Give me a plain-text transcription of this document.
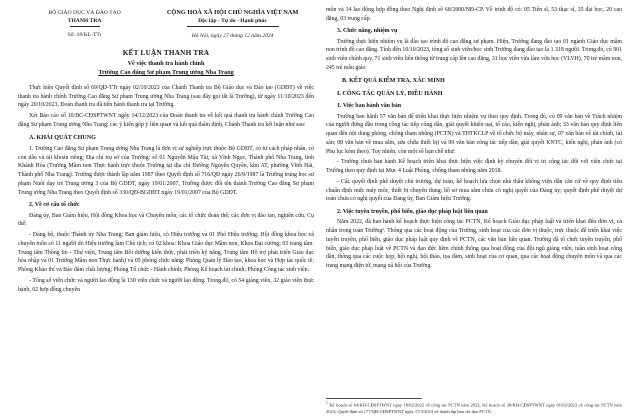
BỘ GIÁO DỤC VÀ ĐÀO TẠO
THANH TRA
Số: 08/KL-TTr
CỘNG HOÀ XÃ HỘI CHỦ NGHĨA VIỆT NAM
Độc lập - Tự do - Hạnh phúc
Hà Nội, ngày 27 tháng 12 năm 2024
KẾT LUẬN THANH TRA
Về việc thanh tra hành chính
Trường Cao đẳng Sư phạm Trung ương Nha Trang

Thực hiện Quyết định số 69/QĐ-TTr ngày 02/10/2023 của Chánh Thanh tra Bộ Giáo dục và Đào tạo (GDĐT) về việc thanh tra hành chính Trường Cao đẳng Sư phạm Trung ương Nha Trang (sau đây gọi tắt là Trường), từ ngày 11/10/2023 đến ngày 20/10/2023, Đoàn thanh tra đã tiến hành thanh tra tại Trường.

Xét Báo cáo số 10/BC-CĐSPTWNT ngày 14/12/2023 của Đoàn thanh tra về kết quả thanh tra hành chính Trường Cao đẳng Sư phạm Trung ương Nha Trang; các ý kiến góp ý liên quan và kết quả thẩm định, Chánh Thanh tra kết luận như sau:

A. KHÁI QUÁT CHUNG

1. Trường Cao đẳng Sư phạm Trung ương Nha Trang là đơn vị sự nghiệp trực thuộc Bộ GDĐT, có tư cách pháp nhân, có con dấu và tài khoản riêng; Địa chỉ trụ sở của Trường: số 01 Nguyễn Mậu Tài, xã Vĩnh Ngọc, Thành phố Nha Trang, tỉnh Khánh Hòa (Trường Mầm non Thực hành trực thuộc Trường tại địa chỉ Đường Nguyễn Quyền, khu AT, phường Vĩnh Hải, Thành phố Nha Trang). Trường được thành lập năm 1987 theo Quyết định số 716/QĐ ngày 26/9/1987 là Trường trung học sư phạm Nuôi dạy trẻ Trung ương 3 của Bộ GDĐT, ngày 19/01/2007, Trường được đổi tên thành Trường Cao đẳng Sư phạm Trung ương Nha Trang theo Quyết định số 330/QĐ-BGDĐT ngày 19/01/2007 của Bộ GDĐT.

2. Về cơ cấu tổ chức

Đảng ủy, Ban Giám hiệu, Hội đồng Khoa học và Chuyên môn, các tổ chức đoàn thể; các đơn vị đào tạo, nghiên cứu. Cụ thể:

- Đảng bộ, thuộc Thành ủy Nha Trang; Ban giám hiệu, có Hiệu trưởng và 01 Phó Hiệu trưởng; Hội đồng khoa học và chuyên môn có 11 người do Hiệu trưởng làm Chủ tịch; có 02 khoa: Khoa Giáo dục Mầm non, Khoa Đại cương; 03 trung tâm: Trung tâm Thông tin - Thư viện, Trung tâm Bồi dưỡng kiến thức, phát triển kỹ năng, Trung tâm Hỗ trợ phát triển Giáo dục hòa nhập và 01 Trường Mầm non Thực hành) và 05 phòng chức năng: Phòng Quản lý Đào tạo, khoa học và Hợp tác quốc tế; Phòng Khảo thí và Bảo đảm chất lượng; Phòng Tổ chức - Hành chính; Phòng Kế hoạch tài chính; Phòng Công tác sinh viên.

- Tổng số viên chức và người lao động là 130 viên chức và người lao động. Trong đó, có 54 giảng viên, 32 giáo viên thực hành, 02 hợp đồng chuyên

môn và 14 lao động hợp đồng theo Nghị định số 68/2000/NĐ-CP. Về trình độ có: 05 Tiến sĩ, 53 thạc sĩ, 35 đại học, 20 cao đẳng, 03 trung cấp.

3. Chức năng, nhiệm vụ

Trường thực hiện nhiệm vụ là đào tạo trình độ cao đẳng sư phạm. Hiện, Trường đang đào tạo 01 ngành Giáo dục mầm non trình độ cao đẳng. Tính đến 10/10/2023, tổng số sinh viên/học sinh Trường đang đào tạo là 1.318 người. Trong đó, có 901 sinh viên chính quy, 71 sinh viên liên thông từ trung cấp lên cao đẳng, 31 học viên vừa làm vừa học (VLVH), 70 trẻ mầm non, 245 trẻ mẫu giáo.

B. KẾT QUẢ KIỂM TRA, XÁC MINH
I. CÔNG TÁC QUẢN LÝ, ĐIỀU HÀNH
1. Việc ban hành văn bản

Trường ban hành 57 văn bản để triển khai thực hiện nhiệm vụ theo quy định. Trong đó, có 09 văn bản về Trách nhiệm của người đứng đầu trong công tác tiếp công dân, giải quyết khiếu nại, tố cáo, kiến nghị, phản ánh; 33 văn bản quy định liên quan đến nội dung phòng, chống tham nhũng (PCTN) và THTKCLP về tổ chức bộ máy, nhân sự, 07 văn bản về tài chính, tài sản; 08 văn bản về mua sắm, sửa chữa thiết bị) và 09 văn bản công tác tiếp dân, giải quyết KNTC, kiến nghị, phản ánh (có Phụ lục kèm theo). Tuy nhiên, còn một số hạn chế như:

- Trường chưa ban hành Kế hoạch triển khai thực hiện việc định kỳ chuyển đổi vị trí công tác đối với viên chức tại Trường theo quy định tại Mục 4 Luật Phòng, chống tham nhũng năm 2018.

- Các quyết định phê duyệt chủ trương, dự toán, kế hoạch lựa chọn nhà thầu không viện dẫn căn cứ về quy định tiêu chuẩn định mức máy móc, thiết bị chuyên dụng; hồ sơ mua sắm chưa có nghị quyết của Đảng ủy; quyết định phê duyệt dự toán chưa có nghị quyết của Đảng ủy, Ban Giám hiệu Trường.

2. Việc tuyên truyền, phổ biến, giáo dục pháp luật liên quan

Năm 2022, đã ban hành kế hoạch thực hiện công tác PCTN, Kế hoạch Giáo dục pháp luật và triển khai đến đơn vị, cá nhân trong toàn Trường¹. Thông qua các hoạt động của Trường, sinh hoạt của các đơn vị thuộc, trực thuộc để triển khai việc tuyên truyền, phổ biến, giáo dục pháp luật quy định về PCTN, các văn bản liên quan. Trường đã tổ chức tuyên truyền, phổ biến, giáo dục pháp luật về PCTN và đạo đức liêm chính thông qua hoạt động của đội ngũ giảng viên, tuần sinh hoạt công dân, thông qua các cuộc họp, hội nghị, hội thảo, tọa đàm, sinh hoạt của cơ quan, qua các hoạt động chuyên môn và qua các trang mạng điện tử, mạng xã hội của Trường.

$^1$ Kế hoạch số 64/KH-CĐSPTWNT ngày 18/02/2022 về công tác PCTN năm 2022; Kế hoạch số 38/KH-CĐSPTWNT ngày 01/02/2023 về công tác PCTN năm 2023; Quyết định số 177/QĐ-CĐSPTWNT ngày 17/3/2023 về thành lập ban chỉ đạo PCTN.
